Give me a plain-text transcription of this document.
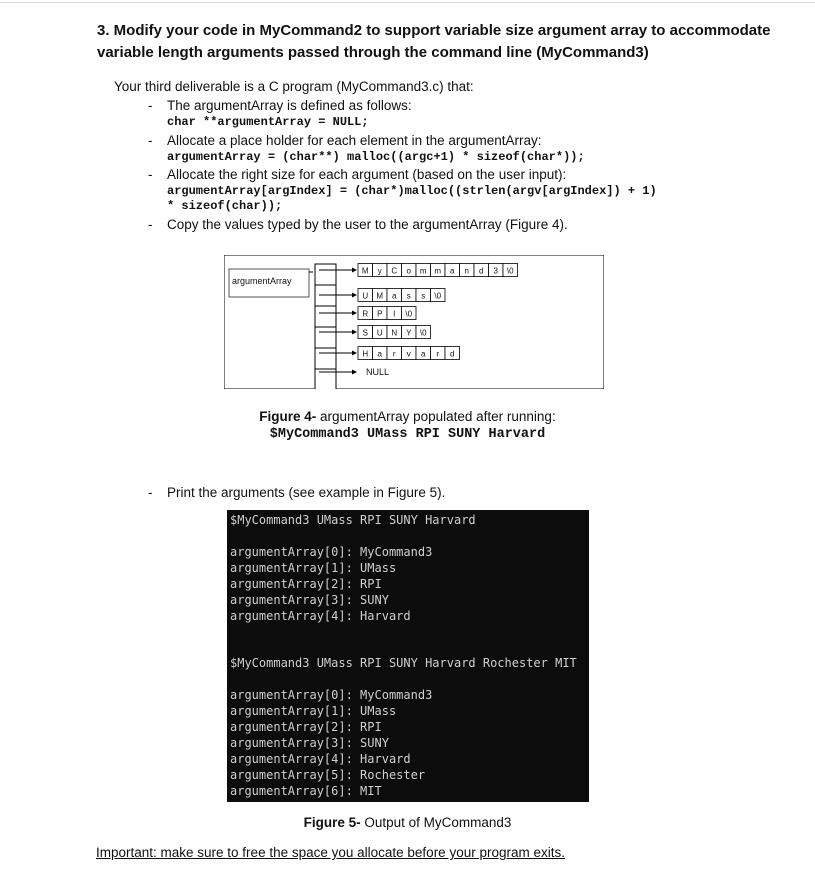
3. Modify your code in MyCommand2 to support variable size argument array to accommodate variable length arguments passed through the command line (MyCommand3)
Your third deliverable is a C program (MyCommand3.c) that:
- The argumentArray is defined as follows:
char **argumentArray = NULL;
- Allocate a place holder for each element in the argumentArray:
argumentArray = (char**) malloc((argc+1) * sizeof(char*));
- Allocate the right size for each argument (based on the user input):
argumentArray[argIndex] = (char*)malloc((strlen(argv[argIndex]) + 1)
* sizeof(char));
- Copy the values typed by the user to the argumentArray (Figure 4).
argumentArray
M y C o m m a n d 3 \0
U M a s s \0
R P I \0
S U N Y \0
H a r v a r d
NULL
Figure 4- argumentArray populated after running:
$MyCommand3 UMass RPI SUNY Harvard
- Print the arguments (see example in Figure 5).
$MyCommand3 UMass RPI SUNY Harvard
argumentArray[0]: MyCommand3
argumentArray[1]: UMass
argumentArray[2]: RPI
argumentArray[3]: SUNY
argumentArray[4]: Harvard
$MyCommand3 UMass RPI SUNY Harvard Rochester MIT
argumentArray[0]: MyCommand3
argumentArray[1]: UMass
argumentArray[2]: RPI
argumentArray[3]: SUNY
argumentArray[4]: Harvard
argumentArray[5]: Rochester
argumentArray[6]: MIT
Figure 5- Output of MyCommand3
Important: make sure to free the space you allocate before your program exits.
